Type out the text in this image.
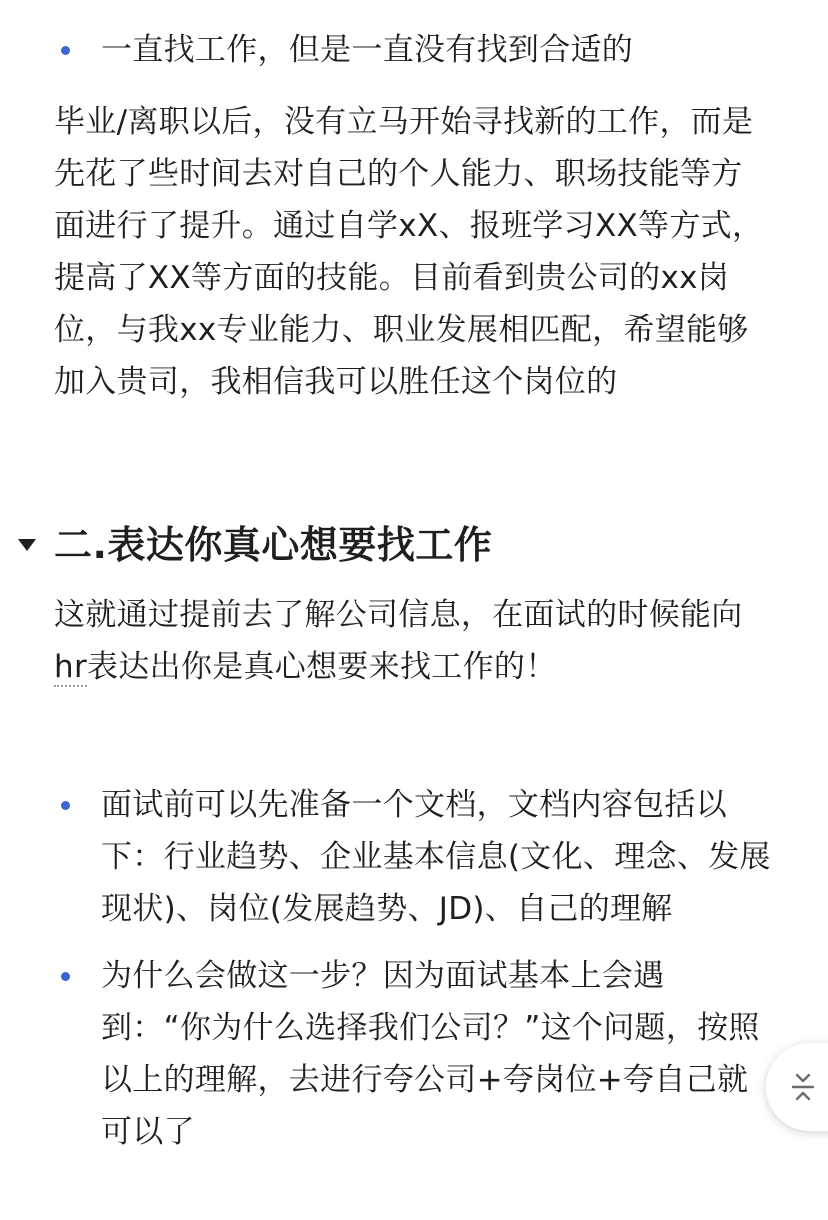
一直找工作，但是一直没有找到合适的
毕业/离职以后，没有立马开始寻找新的工作，而是先花了些时间去对自己的个人能力、职场技能等方面进行了提升。通过自学xX、报班学习XX等方式，提高了XX等方面的技能。目前看到贵公司的xx岗位，与我xx专业能力、职业发展相匹配，希望能够加入贵司，我相信我可以胜任这个岗位的
二.表达你真心想要找工作
这就通过提前去了解公司信息，在面试的时候能向
hr表达出你是真心想要来找工作的！
面试前可以先准备一个文档，文档内容包括以下：行业趋势、企业基本信息(文化、理念、发展现状)、岗位(发展趋势、JD)、自己的理解
为什么会做这一步？因为面试基本上会遇到：“你为什么选择我们公司？”这个问题，按照以上的理解，去进行夸公司+夸岗位+夸自己就可以了
